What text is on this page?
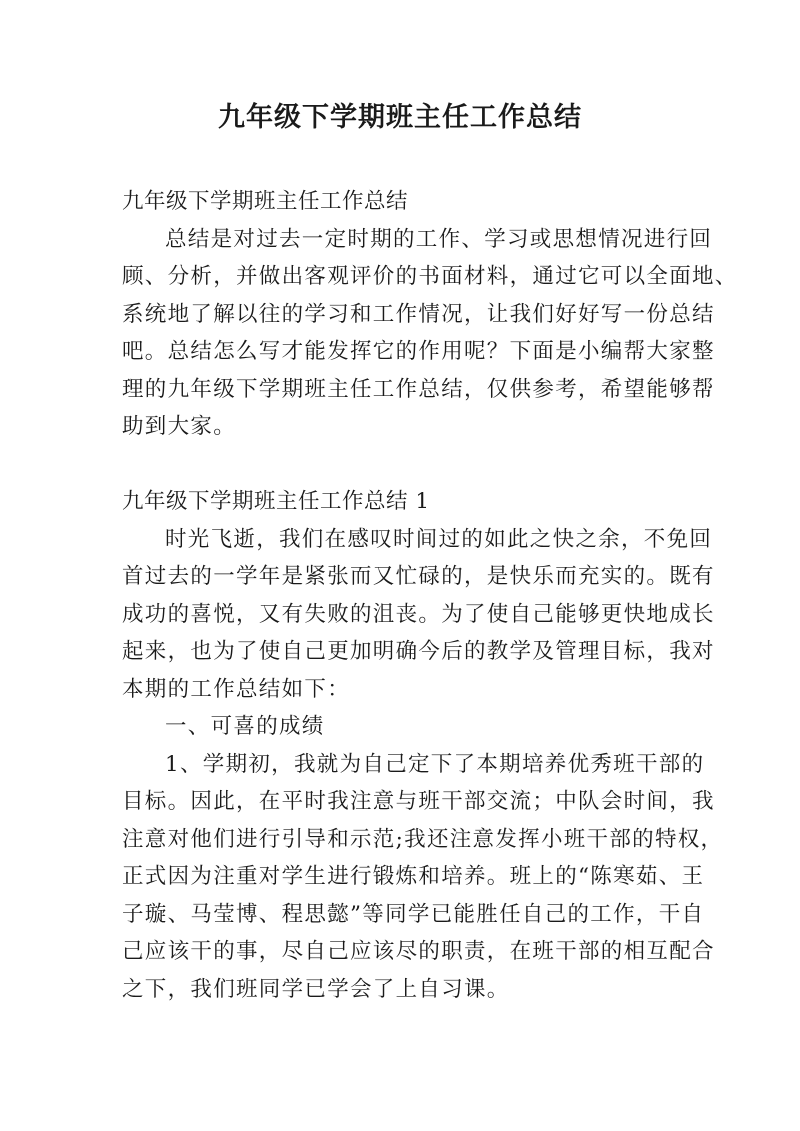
九年级下学期班主任工作总结
九年级下学期班主任工作总结
总结是对过去一定时期的工作、学习或思想情况进行回
顾、分析，并做出客观评价的书面材料，通过它可以全面地、
系统地了解以往的学习和工作情况，让我们好好写一份总结
吧。总结怎么写才能发挥它的作用呢？下面是小编帮大家整
理的九年级下学期班主任工作总结，仅供参考，希望能够帮
助到大家。
九年级下学期班主任工作总结 1
时光飞逝，我们在感叹时间过的如此之快之余，不免回
首过去的一学年是紧张而又忙碌的，是快乐而充实的。既有
成功的喜悦，又有失败的沮丧。为了使自己能够更快地成长
起来，也为了使自己更加明确今后的教学及管理目标，我对
本期的工作总结如下：
一、可喜的成绩
1、学期初，我就为自己定下了本期培养优秀班干部的
目标。因此，在平时我注意与班干部交流；中队会时间，我
注意对他们进行引导和示范;我还注意发挥小班干部的特权，
正式因为注重对学生进行锻炼和培养。班上的“陈寒茹、王
子璇、马莹博、程思懿”等同学已能胜任自己的工作，干自
己应该干的事，尽自己应该尽的职责，在班干部的相互配合
之下，我们班同学已学会了上自习课。
